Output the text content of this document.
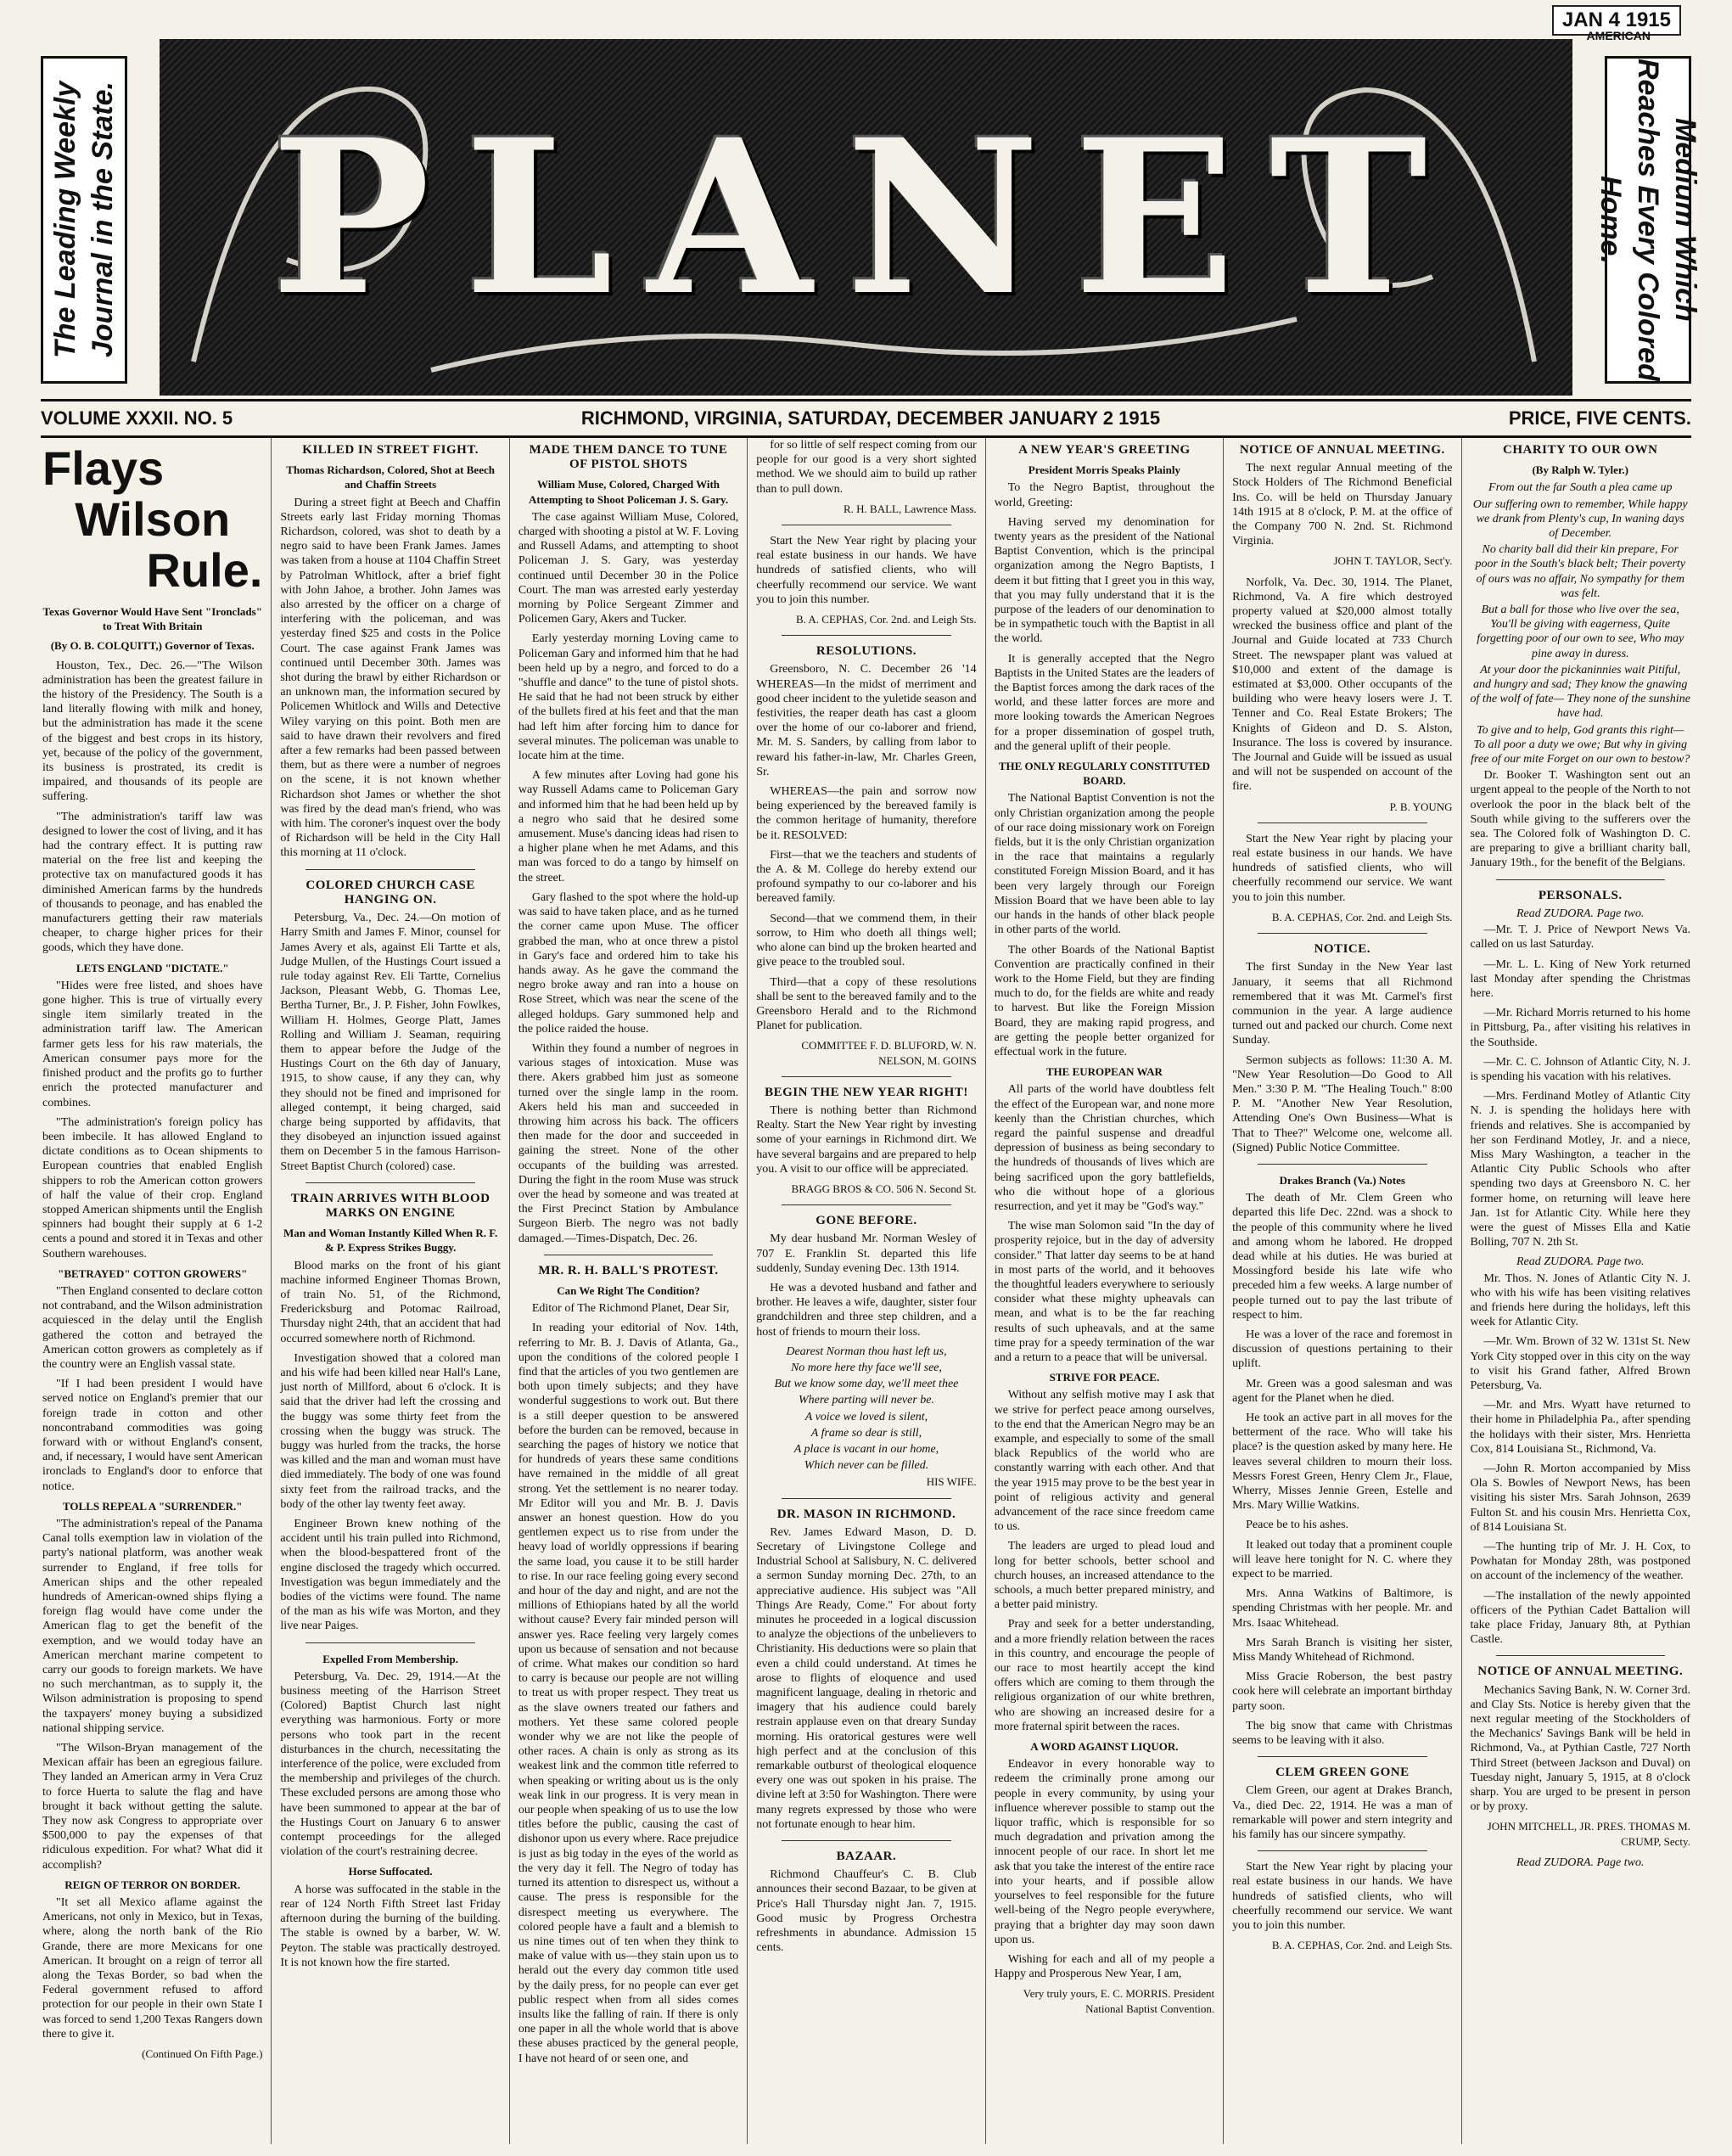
JAN 4 1915
AMERICAN
The Leading Weekly Journal in the State. PLANET	Medium Which Reaches Every Colored Home.
VOLUME XXXII. NO. 5	RICHMOND, VIRGINIA, SATURDAY, DECEMBER JANUARY 2 1915	PRICE, FIVE CENTS.
Flays
Wilson
Rule.
Texas Governor Would Have Sent "Ironclads" to Treat With Britain
(By O. B. COLQUITT,) Governor of Texas.

Houston, Tex., Dec. 26.—"The Wilson administration has been the greatest failure in the history of the Presidency. The South is a land literally flowing with milk and honey, but the administration has made it the scene of the biggest and best crops in its history, yet, because of the policy of the government, its business is prostrated, its credit is impaired, and thousands of its people are suffering.

"The administration's tariff law was designed to lower the cost of living, and it has had the contrary effect. It is putting raw material on the free list and keeping the protective tax on manufactured goods it has diminished American farms by the hundreds of thousands to peonage, and has enabled the manufacturers getting their raw materials cheaper, to charge higher prices for their goods, which they have done.

LETS ENGLAND "DICTATE."

"Hides were free listed, and shoes have gone higher. This is true of virtually every single item similarly treated in the administration tariff law. The American farmer gets less for his raw materials, the American consumer pays more for the finished product and the profits go to further enrich the protected manufacturer and combines.

"The administration's foreign policy has been imbecile. It has allowed England to dictate conditions as to Ocean shipments to European countries that enabled English shippers to rob the American cotton growers of half the value of their crop. England stopped American shipments until the English spinners had bought their supply at 6 1-2 cents a pound and stored it in Texas and other Southern warehouses.

"BETRAYED" COTTON GROWERS"

"Then England consented to declare cotton not contraband, and the Wilson administration acquiesced in the delay until the English gathered the cotton and betrayed the American cotton growers as completely as if the country were an English vassal state.

"If I had been president I would have served notice on England's premier that our foreign trade in cotton and other noncontraband commodities was going forward with or without England's consent, and, if necessary, I would have sent American ironclads to England's door to enforce that notice.

TOLLS REPEAL A "SURRENDER."

"The administration's repeal of the Panama Canal tolls exemption law in violation of the party's national platform, was another weak surrender to England, if free tolls for American ships and the other repealed hundreds of American-owned ships flying a foreign flag would have come under the American flag to get the benefit of the exemption, and we would today have an American merchant marine competent to carry our goods to foreign markets. We have no such merchantman, as to supply it, the Wilson administration is proposing to spend the taxpayers' money buying a subsidized national shipping service.

"The Wilson-Bryan management of the Mexican affair has been an egregious failure. They landed an American army in Vera Cruz to force Huerta to salute the flag and have brought it back without getting the salute. They now ask Congress to appropriate over $500,000 to pay the expenses of that ridiculous expedition. For what? What did it accomplish?

REIGN OF TERROR ON BORDER.

"It set all Mexico aflame against the Americans, not only in Mexico, but in Texas, where, along the north bank of the Rio Grande, there are more Mexicans for one American. It brought on a reign of terror all along the Texas Border, so bad when the Federal government refused to afford protection for our people in their own State I was forced to send 1,200 Texas Rangers down there to give it.

(Continued On Fifth Page.)

KILLED IN STREET FIGHT.
Thomas Richardson, Colored, Shot at Beech and Chaffin Streets

During a street fight at Beech and Chaffin Streets early last Friday morning Thomas Richardson, colored, was shot to death by a negro said to have been Frank James. James was taken from a house at 1104 Chaffin Street by Patrolman Whitlock, after a brief fight with John Jahoe, a brother. John James was also arrested by the officer on a charge of interfering with the policeman, and was yesterday fined $25 and costs in the Police Court. The case against Frank James was continued until December 30th. James was shot during the brawl by either Richardson or an unknown man, the information secured by Policemen Whitlock and Wills and Detective Wiley varying on this point. Both men are said to have drawn their revolvers and fired after a few remarks had been passed between them, but as there were a number of negroes on the scene, it is not known whether Richardson shot James or whether the shot was fired by the dead man's friend, who was with him. The coroner's inquest over the body of Richardson will be held in the City Hall this morning at 11 o'clock.

COLORED CHURCH CASE HANGING ON.

Petersburg, Va., Dec. 24.—On motion of Harry Smith and James F. Minor, counsel for James Avery et als, against Eli Tartte et als, Judge Mullen, of the Hustings Court issued a rule today against Rev. Eli Tartte, Cornelius Jackson, Pleasant Webb, G. Thomas Lee, Bertha Turner, Br., J. P. Fisher, John Fowlkes, William H. Holmes, George Platt, James Rolling and William J. Seaman, requiring them to appear before the Judge of the Hustings Court on the 6th day of January, 1915, to show cause, if any they can, why they should not be fined and imprisoned for alleged contempt, it being charged, said charge being supported by affidavits, that they disobeyed an injunction issued against them on December 5 in the famous Harrison-Street Baptist Church (colored) case.

TRAIN ARRIVES WITH BLOOD MARKS ON ENGINE
Man and Woman Instantly Killed When R. F. & P. Express Strikes Buggy.

Blood marks on the front of his giant machine informed Engineer Thomas Brown, of train No. 51, of the Richmond, Fredericksburg and Potomac Railroad, Thursday night 24th, that an accident that had occurred somewhere north of Richmond.

Investigation showed that a colored man and his wife had been killed near Hall's Lane, just north of Millford, about 6 o'clock. It is said that the driver had left the crossing and the buggy was some thirty feet from the crossing when the buggy was struck. The buggy was hurled from the tracks, the horse was killed and the man and woman must have died immediately. The body of one was found sixty feet from the railroad tracks, and the body of the other lay twenty feet away.

Engineer Brown knew nothing of the accident until his train pulled into Richmond, when the blood-bespattered front of the engine disclosed the tragedy which occurred. Investigation was begun immediately and the bodies of the victims were found. The name of the man as his wife was Morton, and they live near Paiges.

Expelled From Membership.

Petersburg, Va. Dec. 29, 1914.—At the business meeting of the Harrison Street (Colored) Baptist Church last night everything was harmonious. Forty or more persons who took part in the recent disturbances in the church, necessitating the interference of the police, were excluded from the membership and privileges of the church. These excluded persons are among those who have been summoned to appear at the bar of the Hustings Court on January 6 to answer contempt proceedings for the alleged violation of the court's restraining decree.

Horse Suffocated.

A horse was suffocated in the stable in the rear of 124 North Fifth Street last Friday afternoon during the burning of the building. The stable is owned by a barber, W. W. Peyton. The stable was practically destroyed. It is not known how the fire started.

MADE THEM DANCE TO TUNE OF PISTOL SHOTS
William Muse, Colored, Charged With Attempting to Shoot Policeman J. S. Gary.

The case against William Muse, Colored, charged with shooting a pistol at W. F. Loving and Russell Adams, and attempting to shoot Policeman J. S. Gary, was yesterday continued until December 30 in the Police Court. The man was arrested early yesterday morning by Police Sergeant Zimmer and Policemen Gary, Akers and Tucker.

Early yesterday morning Loving came to Policeman Gary and informed him that he had been held up by a negro, and forced to do a "shuffle and dance" to the tune of pistol shots. He said that he had not been struck by either of the bullets fired at his feet and that the man had left him after forcing him to dance for several minutes. The policeman was unable to locate him at the time.

A few minutes after Loving had gone his way Russell Adams came to Policeman Gary and informed him that he had been held up by a negro who said that he desired some amusement. Muse's dancing ideas had risen to a higher plane when he met Adams, and this man was forced to do a tango by himself on the street.

Gary flashed to the spot where the hold-up was said to have taken place, and as he turned the corner came upon Muse. The officer grabbed the man, who at once threw a pistol in Gary's face and ordered him to take his hands away. As he gave the command the negro broke away and ran into a house on Rose Street, which was near the scene of the alleged holdups. Gary summoned help and the police raided the house.

Within they found a number of negroes in various stages of intoxication. Muse was there. Akers grabbed him just as someone turned over the single lamp in the room. Akers held his man and succeeded in throwing him across his back. The officers then made for the door and succeeded in gaining the street. None of the other occupants of the building was arrested. During the fight in the room Muse was struck over the head by someone and was treated at the First Precinct Station by Ambulance Surgeon Bierb. The negro was not badly damaged.—Times-Dispatch, Dec. 26.

MR. R. H. BALL'S PROTEST.
Can We Right The Condition?

Editor of The Richmond Planet, Dear Sir,

In reading your editorial of Nov. 14th, referring to Mr. B. J. Davis of Atlanta, Ga., upon the conditions of the colored people I find that the articles of you two gentlemen are both upon timely subjects; and they have wonderful suggestions to work out. But there is a still deeper question to be answered before the burden can be removed, because in searching the pages of history we notice that for hundreds of years these same conditions have remained in the middle of all great strong. Yet the settlement is no nearer today. Mr Editor will you and Mr. B. J. Davis answer an honest question. How do you gentlemen expect us to rise from under the heavy load of worldly oppressions if bearing the same load, you cause it to be still harder to rise. In our race feeling going every second and hour of the day and night, and are not the millions of Ethiopians hated by all the world without cause? Every fair minded person will answer yes. Race feeling very largely comes upon us because of sensation and not because of crime. What makes our condition so hard to carry is because our people are not willing to treat us with proper respect. They treat us as the slave owners treated our fathers and mothers. Yet these same colored people wonder why we are not like the people of other races. A chain is only as strong as its weakest link and the common title referred to when speaking or writing about us is the only weak link in our progress. It is very mean in our people when speaking of us to use the low titles before the public, causing the cast of dishonor upon us every where. Race prejudice is just as big today in the eyes of the world as the very day it fell. The Negro of today has turned its attention to disrespect us, without a cause. The press is responsible for the disrespect meeting us everywhere. The colored people have a fault and a blemish to us nine times out of ten when they think to make of value with us—they stain upon us to herald out the every day common title used by the daily press, for no people can ever get public respect when from all sides comes insults like the falling of rain. If there is only one paper in all the whole world that is above these abuses practiced by the general people, I have not heard of or seen one, and

for so little of self respect coming from our people for our good is a very short sighted method. We we should aim to build up rather than to pull down.

R. H. BALL, Lawrence Mass.

Start the New Year right by placing your real estate business in our hands. We have hundreds of satisfied clients, who will cheerfully recommend our service. We want you to join this number.

B. A. CEPHAS, Cor. 2nd. and Leigh Sts.

RESOLUTIONS.

Greensboro, N. C. December 26 '14 WHEREAS—In the midst of merriment and good cheer incident to the yuletide season and festivities, the reaper death has cast a gloom over the home of our co-laborer and friend, Mr. M. S. Sanders, by calling from labor to reward his father-in-law, Mr. Charles Green, Sr.

WHEREAS—the pain and sorrow now being experienced by the bereaved family is the common heritage of humanity, therefore be it. RESOLVED:

First—that we the teachers and students of the A. & M. College do hereby extend our profound sympathy to our co-laborer and his bereaved family.

Second—that we commend them, in their sorrow, to Him who doeth all things well; who alone can bind up the broken hearted and give peace to the troubled soul.

Third—that a copy of these resolutions shall be sent to the bereaved family and to the Greensboro Herald and to the Richmond Planet for publication.

COMMITTEE F. D. BLUFORD, W. N. NELSON, M. GOINS

BEGIN THE NEW YEAR RIGHT!

There is nothing better than Richmond Realty. Start the New Year right by investing some of your earnings in Richmond dirt. We have several bargains and are prepared to help you. A visit to our office will be appreciated.

BRAGG BROS & CO. 506 N. Second St.

GONE BEFORE.

My dear husband Mr. Norman Wesley of 707 E. Franklin St. departed this life suddenly, Sunday evening Dec. 13th 1914.

He was a devoted husband and father and brother. He leaves a wife, daughter, sister four grandchildren and three step children, and a host of friends to mourn their loss.

Dearest Norman thou hast left us,

No more here thy face we'll see,

But we know some day, we'll meet thee

Where parting will never be.

A voice we loved is silent,

A frame so dear is still,

A place is vacant in our home,

Which never can be filled.

HIS WIFE.

DR. MASON IN RICHMOND.

Rev. James Edward Mason, D. D. Secretary of Livingstone College and Industrial School at Salisbury, N. C. delivered a sermon Sunday morning Dec. 27th, to an appreciative audience. His subject was "All Things Are Ready, Come." For about forty minutes he proceeded in a logical discussion to analyze the objections of the unbelievers to Christianity. His deductions were so plain that even a child could understand. At times he arose to flights of eloquence and used magnificent language, dealing in rhetoric and imagery that his audience could barely restrain applause even on that dreary Sunday morning. His oratorical gestures were well high perfect and at the conclusion of this remarkable outburst of theological eloquence every one was out spoken in his praise. The divine left at 3:50 for Washington. There were many regrets expressed by those who were not fortunate enough to hear him.

BAZAAR.

Richmond Chauffeur's C. B. Club announces their second Bazaar, to be given at Price's Hall Thursday night Jan. 7, 1915. Good music by Progress Orchestra refreshments in abundance. Admission 15 cents.

A NEW YEAR'S GREETING
President Morris Speaks Plainly

To the Negro Baptist, throughout the world, Greeting:

Having served my denomination for twenty years as the president of the National Baptist Convention, which is the principal organization among the Negro Baptists, I deem it but fitting that I greet you in this way, that you may fully understand that it is the purpose of the leaders of our denomination to be in sympathetic touch with the Baptist in all the world.

It is generally accepted that the Negro Baptists in the United States are the leaders of the Baptist forces among the dark races of the world, and these latter forces are more and more looking towards the American Negroes for a proper dissemination of gospel truth, and the general uplift of their people.

THE ONLY REGULARLY CONSTITUTED BOARD.

The National Baptist Convention is not the only Christian organization among the people of our race doing missionary work on Foreign fields, but it is the only Christian organization in the race that maintains a regularly constituted Foreign Mission Board, and it has been very largely through our Foreign Mission Board that we have been able to lay our hands in the hands of other black people in other parts of the world.

The other Boards of the National Baptist Convention are practically confined in their work to the Home Field, but they are finding much to do, for the fields are white and ready to harvest. But like the Foreign Mission Board, they are making rapid progress, and are getting the people better organized for effectual work in the future.

THE EUROPEAN WAR

All parts of the world have doubtless felt the effect of the European war, and none more keenly than the Christian churches, which regard the painful suspense and dreadful depression of business as being secondary to the hundreds of thousands of lives which are being sacrificed upon the gory battlefields, who die without hope of a glorious resurrection, and yet it may be "God's way."

The wise man Solomon said "In the day of prosperity rejoice, but in the day of adversity consider." That latter day seems to be at hand in most parts of the world, and it behooves the thoughtful leaders everywhere to seriously consider what these mighty upheavals can mean, and what is to be the far reaching results of such upheavals, and at the same time pray for a speedy termination of the war and a return to a peace that will be universal.

STRIVE FOR PEACE.

Without any selfish motive may I ask that we strive for perfect peace among ourselves, to the end that the American Negro may be an example, and especially to some of the small black Republics of the world who are constantly warring with each other. And that the year 1915 may prove to be the best year in point of religious activity and general advancement of the race since freedom came to us.

The leaders are urged to plead loud and long for better schools, better school and church houses, an increased attendance to the schools, a much better prepared ministry, and a better paid ministry.

Pray and seek for a better understanding, and a more friendly relation between the races in this country, and encourage the people of our race to most heartily accept the kind offers which are coming to them through the religious organization of our white brethren, who are showing an increased desire for a more fraternal spirit between the races.

A WORD AGAINST LIQUOR.

Endeavor in every honorable way to redeem the criminally prone among our people in every community, by using your influence wherever possible to stamp out the liquor traffic, which is responsible for so much degradation and privation among the innocent people of our race. In short let me ask that you take the interest of the entire race into your hearts, and if possible allow yourselves to feel responsible for the future well-being of the Negro people everywhere, praying that a brighter day may soon dawn upon us.

Wishing for each and all of my people a Happy and Prosperous New Year, I am,

Very truly yours, E. C. MORRIS. President National Baptist Convention.

NOTICE OF ANNUAL MEETING.

The next regular Annual meeting of the Stock Holders of The Richmond Beneficial Ins. Co. will be held on Thursday January 14th 1915 at 8 o'clock, P. M. at the office of the Company 700 N. 2nd. St. Richmond Virginia.

JOHN T. TAYLOR, Sect'y.

Norfolk, Va. Dec. 30, 1914. The Planet, Richmond, Va. A fire which destroyed property valued at $20,000 almost totally wrecked the business office and plant of the Journal and Guide located at 733 Church Street. The newspaper plant was valued at $10,000 and extent of the damage is estimated at $3,000. Other occupants of the building who were heavy losers were J. T. Tenner and Co. Real Estate Brokers; The Knights of Gideon and D. S. Alston, Insurance. The loss is covered by insurance. The Journal and Guide will be issued as usual and will not be suspended on account of the fire.

P. B. YOUNG

Start the New Year right by placing your real estate business in our hands. We have hundreds of satisfied clients, who will cheerfully recommend our service. We want you to join this number.

B. A. CEPHAS, Cor. 2nd. and Leigh Sts.

NOTICE.

The first Sunday in the New Year last January, it seems that all Richmond remembered that it was Mt. Carmel's first communion in the year. A large audience turned out and packed our church. Come next Sunday.

Sermon subjects as follows: 11:30 A. M. "New Year Resolution—Do Good to All Men." 3:30 P. M. "The Healing Touch." 8:00 P. M. "Another New Year Resolution, Attending One's Own Business—What is That to Thee?" Welcome one, welcome all. (Signed) Public Notice Committee.

Drakes Branch (Va.) Notes

The death of Mr. Clem Green who departed this life Dec. 22nd. was a shock to the people of this community where he lived and among whom he labored. He dropped dead while at his duties. He was buried at Mossingford beside his late wife who preceded him a few weeks. A large number of people turned out to pay the last tribute of respect to him.

He was a lover of the race and foremost in discussion of questions pertaining to their uplift.

Mr. Green was a good salesman and was agent for the Planet when he died.

He took an active part in all moves for the betterment of the race. Who will take his place? is the question asked by many here. He leaves several children to mourn their loss. Messrs Forest Green, Henry Clem Jr., Flaue, Wherry, Misses Jennie Green, Estelle and Mrs. Mary Willie Watkins.

Peace be to his ashes.

It leaked out today that a prominent couple will leave here tonight for N. C. where they expect to be married.

Mrs. Anna Watkins of Baltimore, is spending Christmas with her people. Mr. and Mrs. Isaac Whitehead.

Mrs Sarah Branch is visiting her sister, Miss Mandy Whitehead of Richmond.

Miss Gracie Roberson, the best pastry cook here will celebrate an important birthday party soon.

The big snow that came with Christmas seems to be leaving with it also.

CLEM GREEN GONE

Clem Green, our agent at Drakes Branch, Va., died Dec. 22, 1914. He was a man of remarkable will power and stern integrity and his family has our sincere sympathy.

Start the New Year right by placing your real estate business in our hands. We have hundreds of satisfied clients, who will cheerfully recommend our service. We want you to join this number.

B. A. CEPHAS, Cor. 2nd. and Leigh Sts.

CHARITY TO OUR OWN
(By Ralph W. Tyler.)

From out the far South a plea came up

Our suffering own to remember, While happy we drank from Plenty's cup, In waning days of December.

No charity ball did their kin prepare, For poor in the South's black belt; Their poverty of ours was no affair, No sympathy for them was felt.

But a ball for those who live over the sea, You'll be giving with eagerness, Quite forgetting poor of our own to see, Who may pine away in duress.

At your door the pickaninnies wait Pitiful, and hungry and sad; They know the gnawing of the wolf of fate— They none of the sunshine have had.

To give and to help, God grants this right— To all poor a duty we owe; But why in giving free of our mite Forget on our own to bestow?

Dr. Booker T. Washington sent out an urgent appeal to the people of the North to not overlook the poor in the black belt of the South while giving to the sufferers over the sea. The Colored folk of Washington D. C. are preparing to give a brilliant charity ball, January 19th., for the benefit of the Belgians.

PERSONALS.

Read ZUDORA. Page two.

—Mr. T. J. Price of Newport News Va. called on us last Saturday.

—Mr. L. L. King of New York returned last Monday after spending the Christmas here.

—Mr. Richard Morris returned to his home in Pittsburg, Pa., after visiting his relatives in the Southside.

—Mr. C. C. Johnson of Atlantic City, N. J. is spending his vacation with his relatives.

—Mrs. Ferdinand Motley of Atlantic City N. J. is spending the holidays here with friends and relatives. She is accompanied by her son Ferdinand Motley, Jr. and a niece, Miss Mary Washington, a teacher in the Atlantic City Public Schools who after spending two days at Greensboro N. C. her former home, on returning will leave here Jan. 1st for Atlantic City. While here they were the guest of Misses Ella and Katie Bolling, 707 N. 2th St.

Read ZUDORA. Page two.

Mr. Thos. N. Jones of Atlantic City N. J. who with his wife has been visiting relatives and friends here during the holidays, left this week for Atlantic City.

—Mr. Wm. Brown of 32 W. 131st St. New York City stopped over in this city on the way to visit his Grand father, Alfred Brown Petersburg, Va.

—Mr. and Mrs. Wyatt have returned to their home in Philadelphia Pa., after spending the holidays with their sister, Mrs. Henrietta Cox, 814 Louisiana St., Richmond, Va.

—John R. Morton accompanied by Miss Ola S. Bowles of Newport News, has been visiting his sister Mrs. Sarah Johnson, 2639 Fulton St. and his cousin Mrs. Henrietta Cox, of 814 Louisiana St.

—The hunting trip of Mr. J. H. Cox, to Powhatan for Monday 28th, was postponed on account of the inclemency of the weather.

—The installation of the newly appointed officers of the Pythian Cadet Battalion will take place Friday, January 8th, at Pythian Castle.

NOTICE OF ANNUAL MEETING.

Mechanics Saving Bank, N. W. Corner 3rd. and Clay Sts. Notice is hereby given that the next regular meeting of the Stockholders of the Mechanics' Savings Bank will be held in Richmond, Va., at Pythian Castle, 727 North Third Street (between Jackson and Duval) on Tuesday night, January 5, 1915, at 8 o'clock sharp. You are urged to be present in person or by proxy.

JOHN MITCHELL, JR. PRES. THOMAS M. CRUMP, Secty.

Read ZUDORA. Page two.
